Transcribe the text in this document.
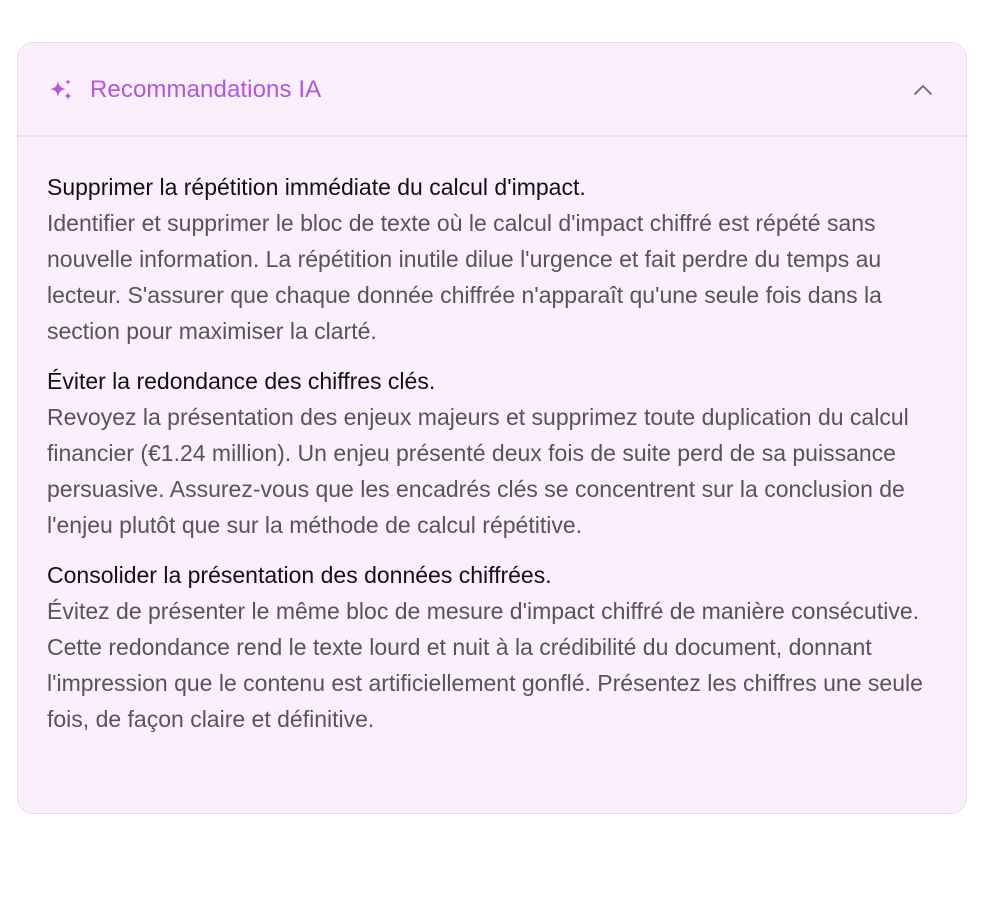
Recommandations IA
Supprimer la répétition immédiate du calcul d'impact.
Identifier et supprimer le bloc de texte où le calcul d'impact chiffré est répété sans nouvelle information. La répétition inutile dilue l'urgence et fait perdre du temps au lecteur. S'assurer que chaque donnée chiffrée n'apparaît qu'une seule fois dans la section pour maximiser la clarté.
Éviter la redondance des chiffres clés.
Revoyez la présentation des enjeux majeurs et supprimez toute duplication du calcul financier (€1.24 million). Un enjeu présenté deux fois de suite perd de sa puissance persuasive. Assurez-vous que les encadrés clés se concentrent sur la conclusion de l'enjeu plutôt que sur la méthode de calcul répétitive.
Consolider la présentation des données chiffrées.
Évitez de présenter le même bloc de mesure d'impact chiffré de manière consécutive. Cette redondance rend le texte lourd et nuit à la crédibilité du document, donnant l'impression que le contenu est artificiellement gonflé. Présentez les chiffres une seule fois, de façon claire et définitive.
